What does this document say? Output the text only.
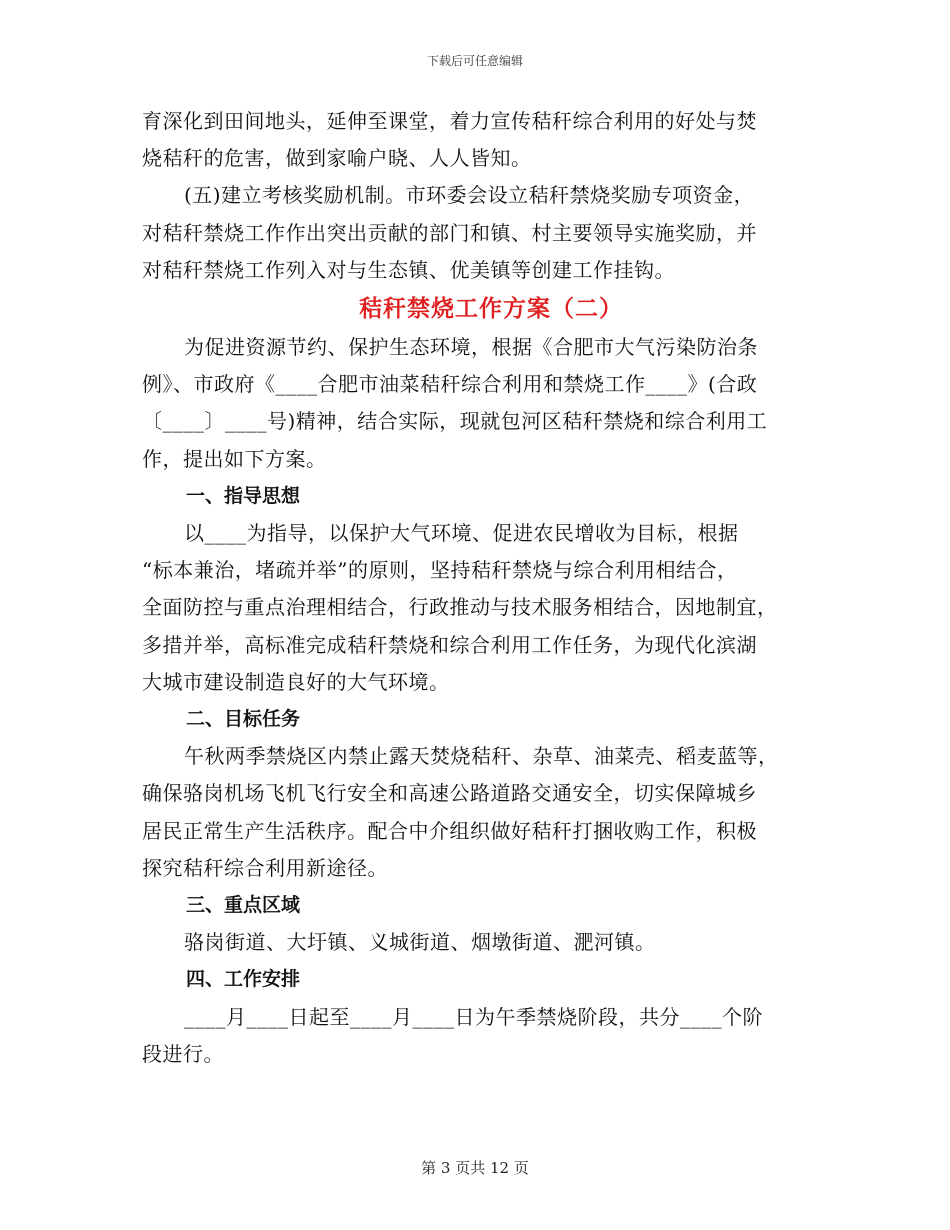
下载后可任意编辑

育深化到田间地头，延伸至课堂，着力宣传秸秆综合利用的好处与焚

烧秸秆的危害，做到家喻户晓、人人皆知。

(五)建立考核奖励机制。市环委会设立秸秆禁烧奖励专项资金，

对秸秆禁烧工作作出突出贡献的部门和镇、村主要领导实施奖励，并

对秸秆禁烧工作列入对与生态镇、优美镇等创建工作挂钩。

秸秆禁烧工作方案（二）

为促进资源节约、保护生态环境，根据《合肥市大气污染防治条

例》、市政府《____合肥市油菜秸秆综合利用和禁烧工作____》(合政

〔____〕____号)精神，结合实际，现就包河区秸秆禁烧和综合利用工

作，提出如下方案。

一、指导思想

以____为指导，以保护大气环境、促进农民增收为目标，根据

“标本兼治，堵疏并举”的原则，坚持秸秆禁烧与综合利用相结合，

全面防控与重点治理相结合，行政推动与技术服务相结合，因地制宜，

多措并举，高标准完成秸秆禁烧和综合利用工作任务，为现代化滨湖

大城市建设制造良好的大气环境。

二、目标任务

午秋两季禁烧区内禁止露天焚烧秸秆、杂草、油菜壳、稻麦蓝等，

确保骆岗机场飞机飞行安全和高速公路道路交通安全，切实保障城乡

居民正常生产生活秩序。配合中介组织做好秸秆打捆收购工作，积极

探究秸秆综合利用新途径。

三、重点区域

骆岗街道、大圩镇、义城街道、烟墩街道、淝河镇。

四、工作安排

____月____日起至____月____日为午季禁烧阶段，共分____个阶

段进行。

第 3 页共 12 页
